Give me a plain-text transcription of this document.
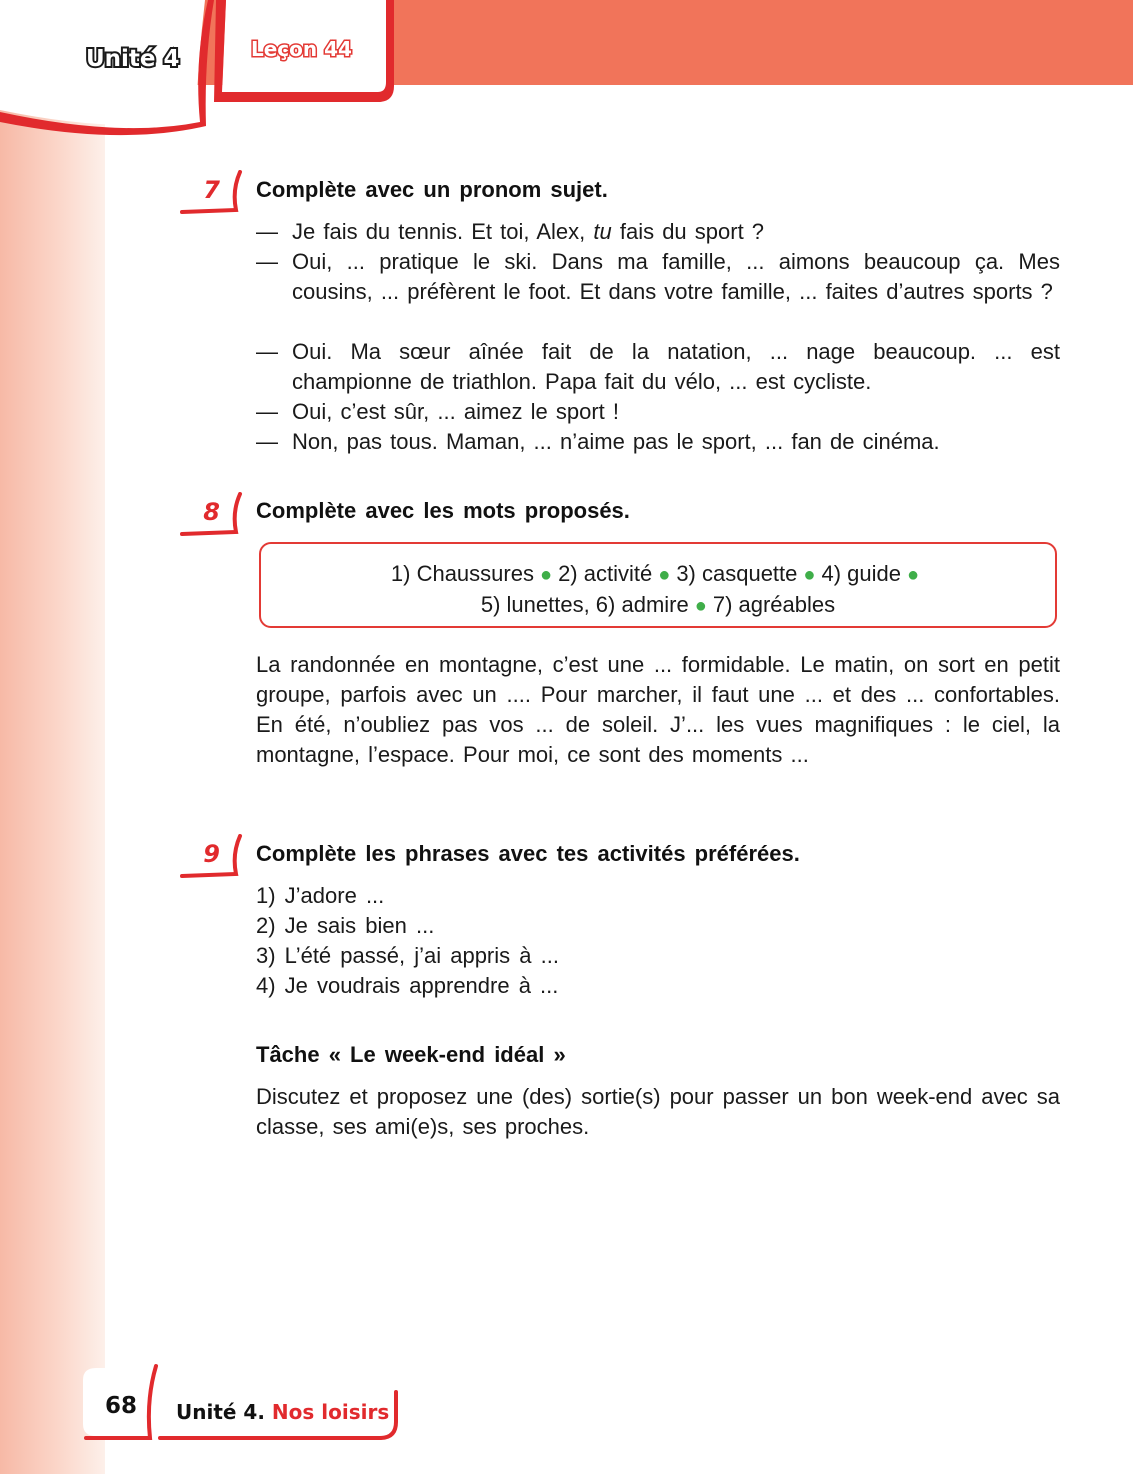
Unité 4	Leçon 44
7 Complète avec un pronom sujet.
— Je fais du tennis. Et toi, Alex, tu fais du sport ?
— Oui, ... pratique le ski. Dans ma famille, ... aimons beaucoup ça. Mes cousins, ... préfèrent le foot. Et dans votre famille, ... faites d’autres sports ?
— Oui. Ma sœur aînée fait de la natation, ... nage beaucoup. ... est championne de triathlon. Papa fait du vélo, ... est cycliste.
— Oui, c’est sûr, ... aimez le sport !
— Non, pas tous. Maman, ... n’aime pas le sport, ... fan de cinéma.
8 Complète avec les mots proposés.
1) Chaussures ● 2) activité ● 3) casquette ● 4) guide ●
5) lunettes, 6) admire ● 7) agréables
La randonnée en montagne, c’est une ... formidable. Le matin, on sort en petit groupe, parfois avec un .... Pour marcher, il faut une ... et des ... confortables. En été, n’oubliez pas vos ... de soleil. J’... les vues magnifiques : le ciel, la montagne, l’espace. Pour moi, ce sont des moments ...
9 Complète les phrases avec tes activités préférées.
1) J’adore ...
2) Je sais bien ...
3) L’été passé, j’ai appris à ...
4) Je voudrais apprendre à ...
Tâche « Le week-end idéal »
Discutez et proposez une (des) sortie(s) pour passer un bon week-end avec sa classe, ses ami(e)s, ses proches.
68 Unité 4. Nos loisirs
